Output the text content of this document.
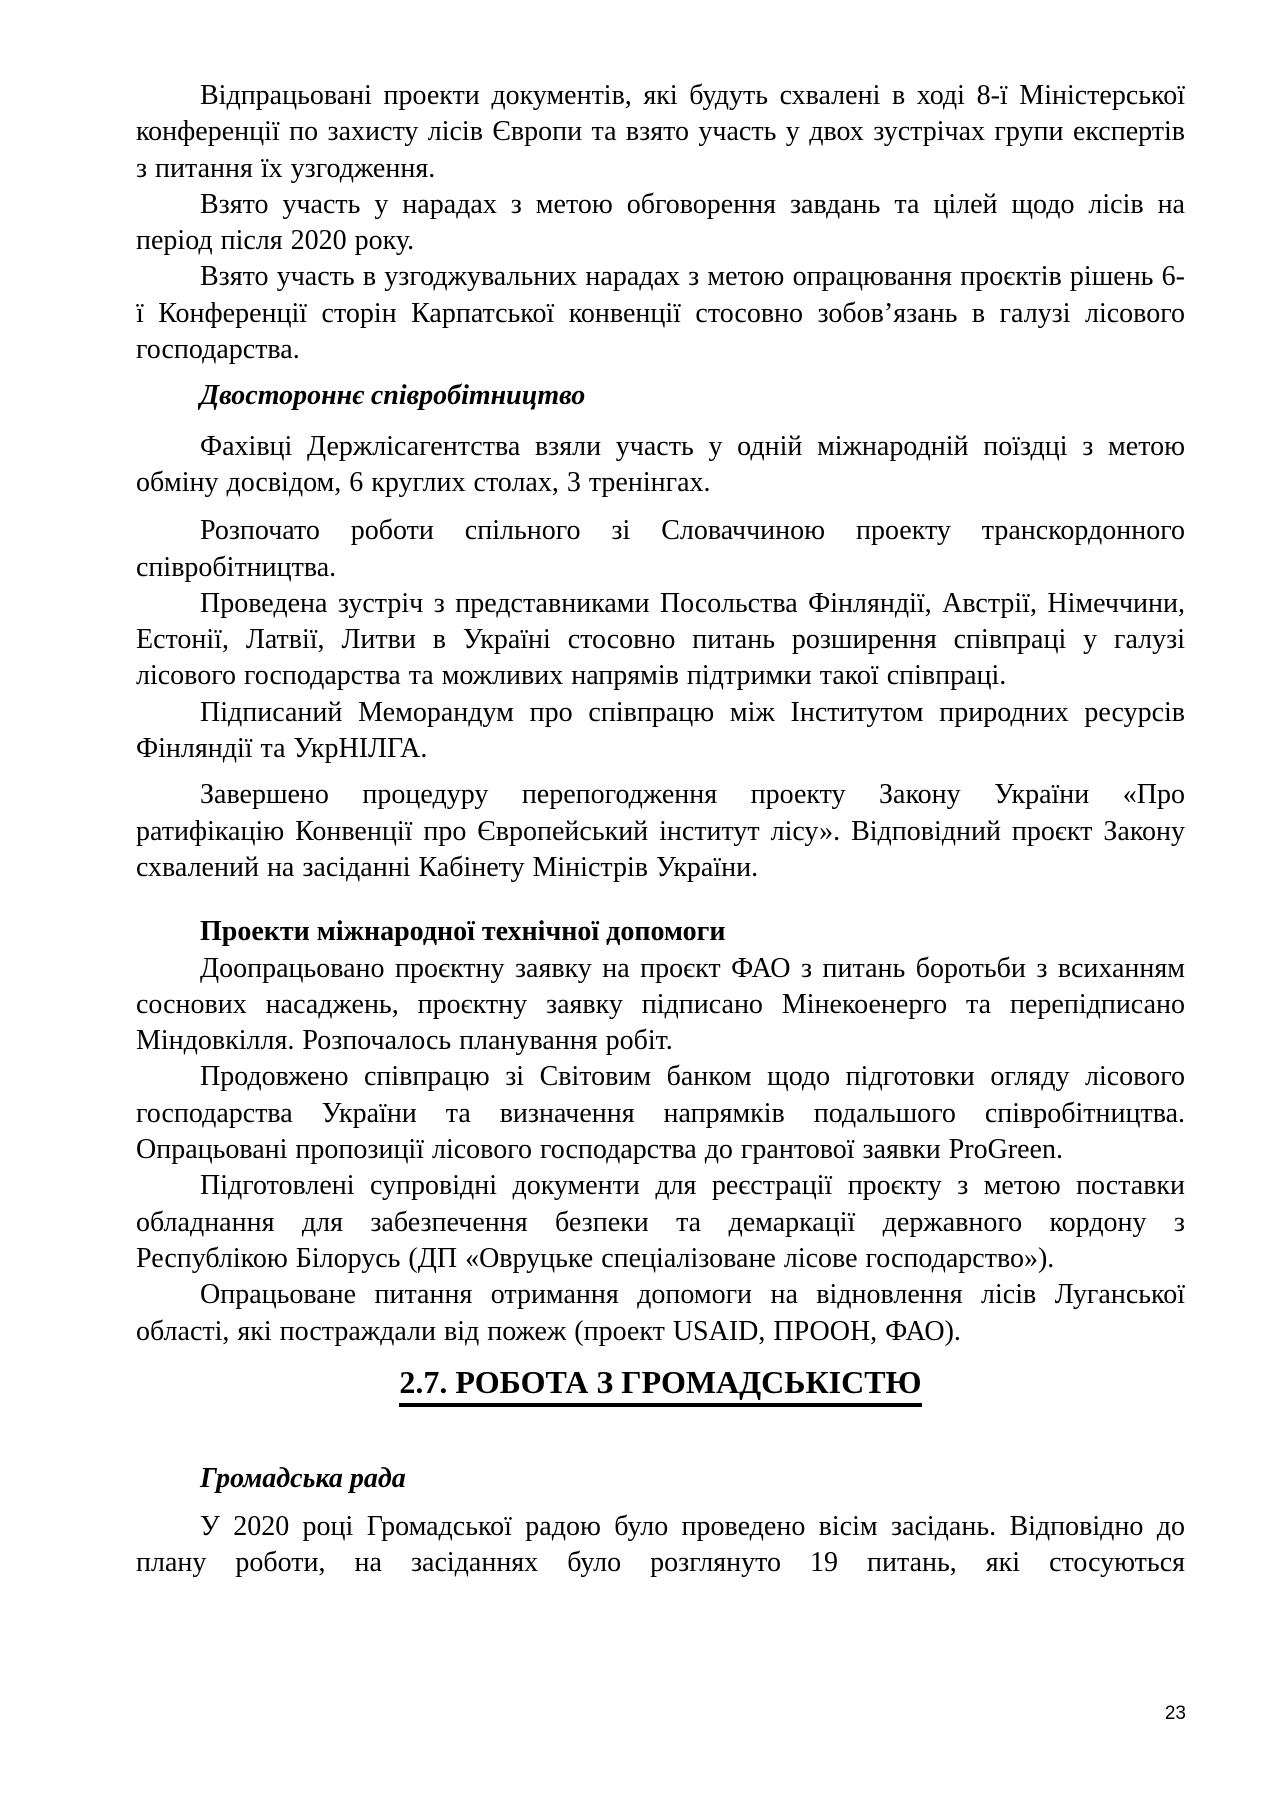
Відпрацьовані проекти документів, які будуть схвалені в ході 8-ї Міністерської конференції по захисту лісів Європи та взято участь у двох зустрічах групи експертів з питання їх узгодження.

Взято участь у нарадах з метою обговорення завдань та цілей щодо лісів на період після 2020 року.

Взято участь в узгоджувальних нарадах з метою опрацювання проєктів рішень 6-ї Конференції сторін Карпатської конвенції стосовно зобов’язань в галузі лісового господарства.

Двостороннє співробітництво

Фахівці Держлісагентства взяли участь у одній міжнародній поїздці з метою обміну досвідом, 6 круглих столах, 3 тренінгах.

Розпочато роботи спільного зі Словаччиною проекту транскордонного співробітництва.

Проведена зустріч з представниками Посольства Фінляндії, Австрії, Німеччини, Естонії, Латвії, Литви в Україні стосовно питань розширення співпраці у галузі лісового господарства та можливих напрямів підтримки такої співпраці.

Підписаний Меморандум про співпрацю між Інститутом природних ресурсів Фінляндії та УкрНІЛГА.

Завершено процедуру перепогодження проекту Закону України «Про ратифікацію Конвенції про Європейський інститут лісу». Відповідний проєкт Закону схвалений на засіданні Кабінету Міністрів України.

Проекти міжнародної технічної допомоги

Доопрацьовано проєктну заявку на проєкт ФАО з питань боротьби з всиханням соснових насаджень, проєктну заявку підписано Мінекоенерго та перепідписано Міндовкілля. Розпочалось планування робіт.

Продовжено співпрацю зі Світовим банком щодо підготовки огляду лісового господарства України та визначення напрямків подальшого співробітництва. Опрацьовані пропозиції лісового господарства до грантової заявки ProGreen.

Підготовлені супровідні документи для реєстрації проєкту з метою поставки обладнання для забезпечення безпеки та демаркації державного кордону з Республікою Білорусь (ДП «Овруцьке спеціалізоване лісове господарство»).

Опрацьоване питання отримання допомоги на відновлення лісів Луганської області, які постраждали від пожеж (проект USAID, ПРООН, ФАО).

2.7. РОБОТА З ГРОМАДСЬКІСТЮ
Громадська рада

У 2020 році Громадської радою було проведено вісім засідань. Відповідно до плану роботи, на засіданнях було розглянуто 19 питань, які стосуються

23
